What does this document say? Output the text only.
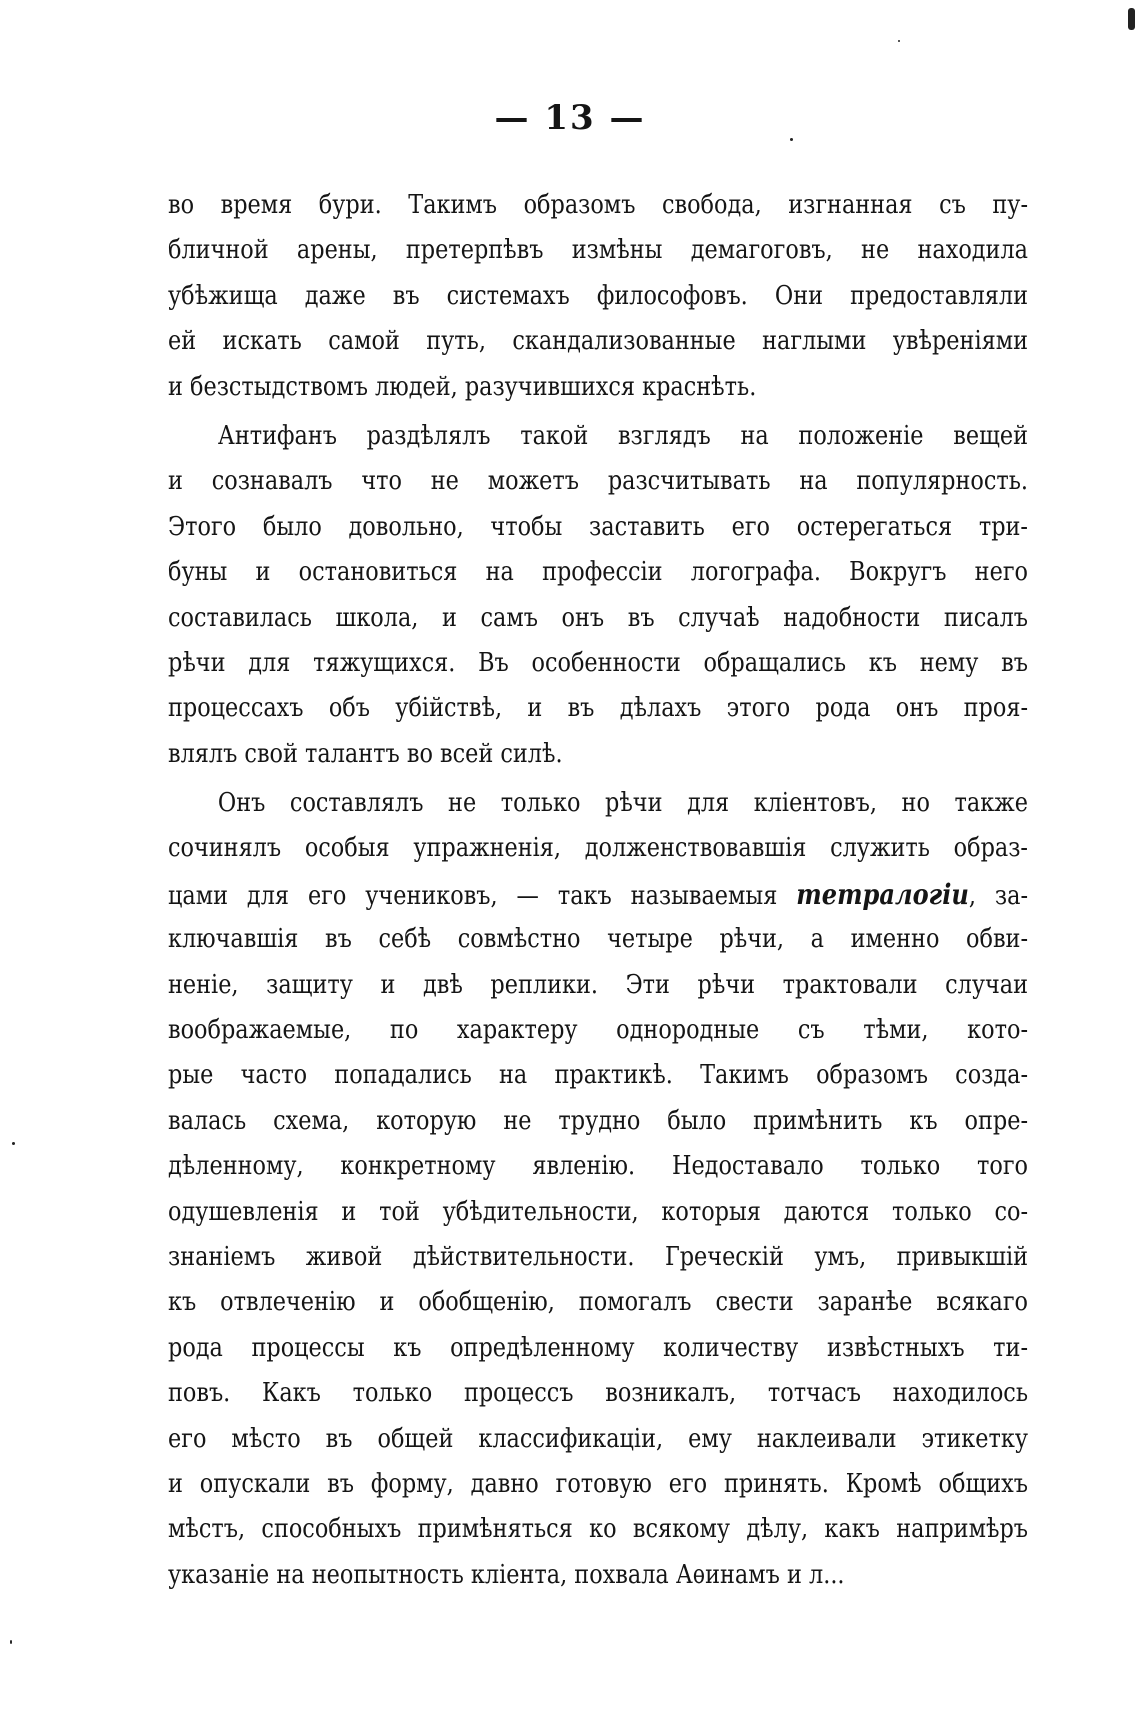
— 13 —
во время бури. Такимъ образомъ свобода, изгнанная съ пу-
бличной арены, претерпѣвъ измѣны демагоговъ, не находила
убѣжища даже въ системахъ философовъ. Они предоставляли
ей искать самой путь, скандализованные наглыми увѣреніями
и безстыдствомъ людей, разучившихся краснѣть.
Антифанъ раздѣлялъ такой взглядъ на положеніе вещей
и сознавалъ что не можетъ разсчитывать на популярность.
Этого было довольно, чтобы заставить его остерегаться три-
буны и остановиться на профессіи логографа. Вокругъ него
составилась школа, и самъ онъ въ случаѣ надобности писалъ
рѣчи для тяжущихся. Въ особенности обращались къ нему въ
процессахъ объ убійствѣ, и въ дѣлахъ этого рода онъ проя-
влялъ свой талантъ во всей силѣ.
Онъ составлялъ не только рѣчи для кліентовъ, но также
сочинялъ особыя упражненія, долженствовавшія служить образ-
цами для его учениковъ, — такъ называемыя тетралогіи, за-
ключавшія въ себѣ совмѣстно четыре рѣчи, а именно обви-
неніе, защиту и двѣ реплики. Эти рѣчи трактовали случаи
воображаемые, по характеру однородные съ тѣми, кото-
рые часто попадались на практикѣ. Такимъ образомъ созда-
валась схема, которую не трудно было примѣнить къ опре-
дѣленному, конкретному явленію. Недоставало только того
одушевленія и той убѣдительности, которыя даются только со-
знаніемъ живой дѣйствительности. Греческій умъ, привыкшій
къ отвлеченію и обобщенію, помогалъ свести заранѣе всякаго
рода процессы къ опредѣленному количеству извѣстныхъ ти-
повъ. Какъ только процессъ возникалъ, тотчасъ находилось
его мѣсто въ общей классификаціи, ему наклеивали этикетку
и опускали въ форму, давно готовую его принять. Кромѣ общихъ
мѣстъ, способныхъ примѣняться ко всякому дѣлу, какъ напримѣръ
указаніе на неопытность кліента, похвала Аѳинамъ и л...
